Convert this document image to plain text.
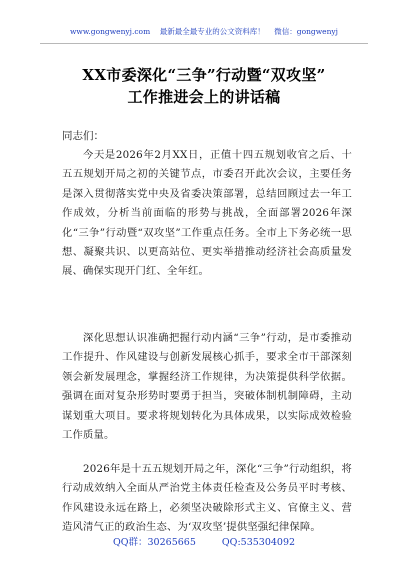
www.gongwenyj.com 最新最全最专业的公文资料库！ 微信：gongwenyj
XX市委深化“三争”行动暨“双攻坚”
工作推进会上的讲话稿
同志们：

今天是2026年2月XX日，正值十四五规划收官之后、十五五规划开局之初的关键节点，市委召开此次会议，主要任务是深入贯彻落实党中央及省委决策部署，总结回顾过去一年工作成效，分析当前面临的形势与挑战，全面部署2026年深化“三争”行动暨“双攻坚”工作重点任务。全市上下务必统一思想、凝聚共识、以更高站位、更实举措推动经济社会高质量发展、确保实现开门红、全年红。

深化思想认识准确把握行动内涵“三争”行动，是市委推动工作提升、作风建设与创新发展核心抓手，要求全市干部深刻领会新发展理念，掌握经济工作规律，为决策提供科学依据。强调在面对复杂形势时要勇于担当，突破体制机制障碍，主动谋划重大项目。要求将规划转化为具体成果，以实际成效检验工作质量。

2026年是十五五规划开局之年，深化“三争”行动组织，将行动成效纳入全面从严治党主体责任检查及公务员平时考核、作风建设永远在路上，必须坚决破除形式主义、官僚主义、营造风清气正的政治生态、为‘双攻坚’提供坚强纪律保障。

QQ群：30265665	QQ:535304092
